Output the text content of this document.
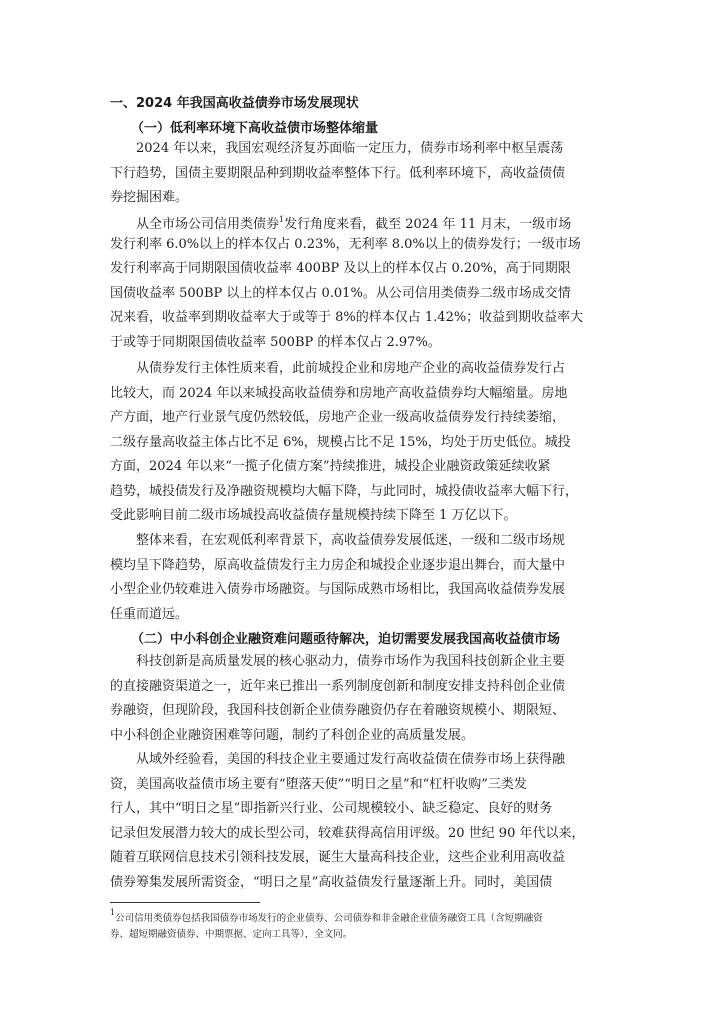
一、2024 年我国高收益债券市场发展现状
（一）低利率环境下高收益债市场整体缩量
　　2024 年以来，我国宏观经济复苏面临一定压力，债券市场利率中枢呈震荡
下行趋势，国债主要期限品种到期收益率整体下行。低利率环境下，高收益债债
券挖掘困难。
　　从全市场公司信用类债券$^1$发行角度来看，截至 2024 年 11 月末，一级市场
发行利率 6.0%以上的样本仅占 0.23%，无利率 8.0%以上的债券发行；一级市场
发行利率高于同期限国债收益率 400BP 及以上的样本仅占 0.20%，高于同期限
国债收益率 500BP 以上的样本仅占 0.01%。从公司信用类债券二级市场成交情
况来看，收益率到期收益率大于或等于 8%的样本仅占 1.42%；收益到期收益率大
于或等于同期限国债收益率 500BP 的样本仅占 2.97%。
　　从债券发行主体性质来看，此前城投企业和房地产企业的高收益债券发行占
比较大，而 2024 年以来城投高收益债券和房地产高收益债券均大幅缩量。房地
产方面，地产行业景气度仍然较低，房地产企业一级高收益债券发行持续萎缩，
二级存量高收益主体占比不足 6%，规模占比不足 15%，均处于历史低位。城投
方面，2024 年以来“一揽子化债方案”持续推进，城投企业融资政策延续收紧
趋势，城投债发行及净融资规模均大幅下降，与此同时，城投债收益率大幅下行，
受此影响目前二级市场城投高收益债存量规模持续下降至 1 万亿以下。
　　整体来看，在宏观低利率背景下，高收益债券发展低迷，一级和二级市场规
模均呈下降趋势，原高收益债发行主力房企和城投企业逐步退出舞台，而大量中
小型企业仍较难进入债券市场融资。与国际成熟市场相比，我国高收益债券发展
任重而道远。
（二）中小科创企业融资难问题亟待解决，迫切需要发展我国高收益债市场
　　科技创新是高质量发展的核心驱动力，债券市场作为我国科技创新企业主要
的直接融资渠道之一，近年来已推出一系列制度创新和制度安排支持科创企业债
券融资，但现阶段，我国科技创新企业债券融资仍存在着融资规模小、期限短、
中小科创企业融资困难等问题，制约了科创企业的高质量发展。
　　从域外经验看，美国的科技企业主要通过发行高收益债在债券市场上获得融
资，美国高收益债市场主要有“堕落天使”“明日之星”和“杠杆收购”三类发
行人，其中“明日之星”即指新兴行业、公司规模较小、缺乏稳定、良好的财务
记录但发展潜力较大的成长型公司，较难获得高信用评级。20 世纪 90 年代以来，
随着互联网信息技术引领科技发展，诞生大量高科技企业，这些企业利用高收益
债券筹集发展所需资金，“明日之星”高收益债发行量逐渐上升。同时，美国债
$^1$公司信用类债券包括我国债券市场发行的企业债券、公司债券和非金融企业债务融资工具（含短期融资
券、超短期融资债券、中期票据、定向工具等），全文同。
